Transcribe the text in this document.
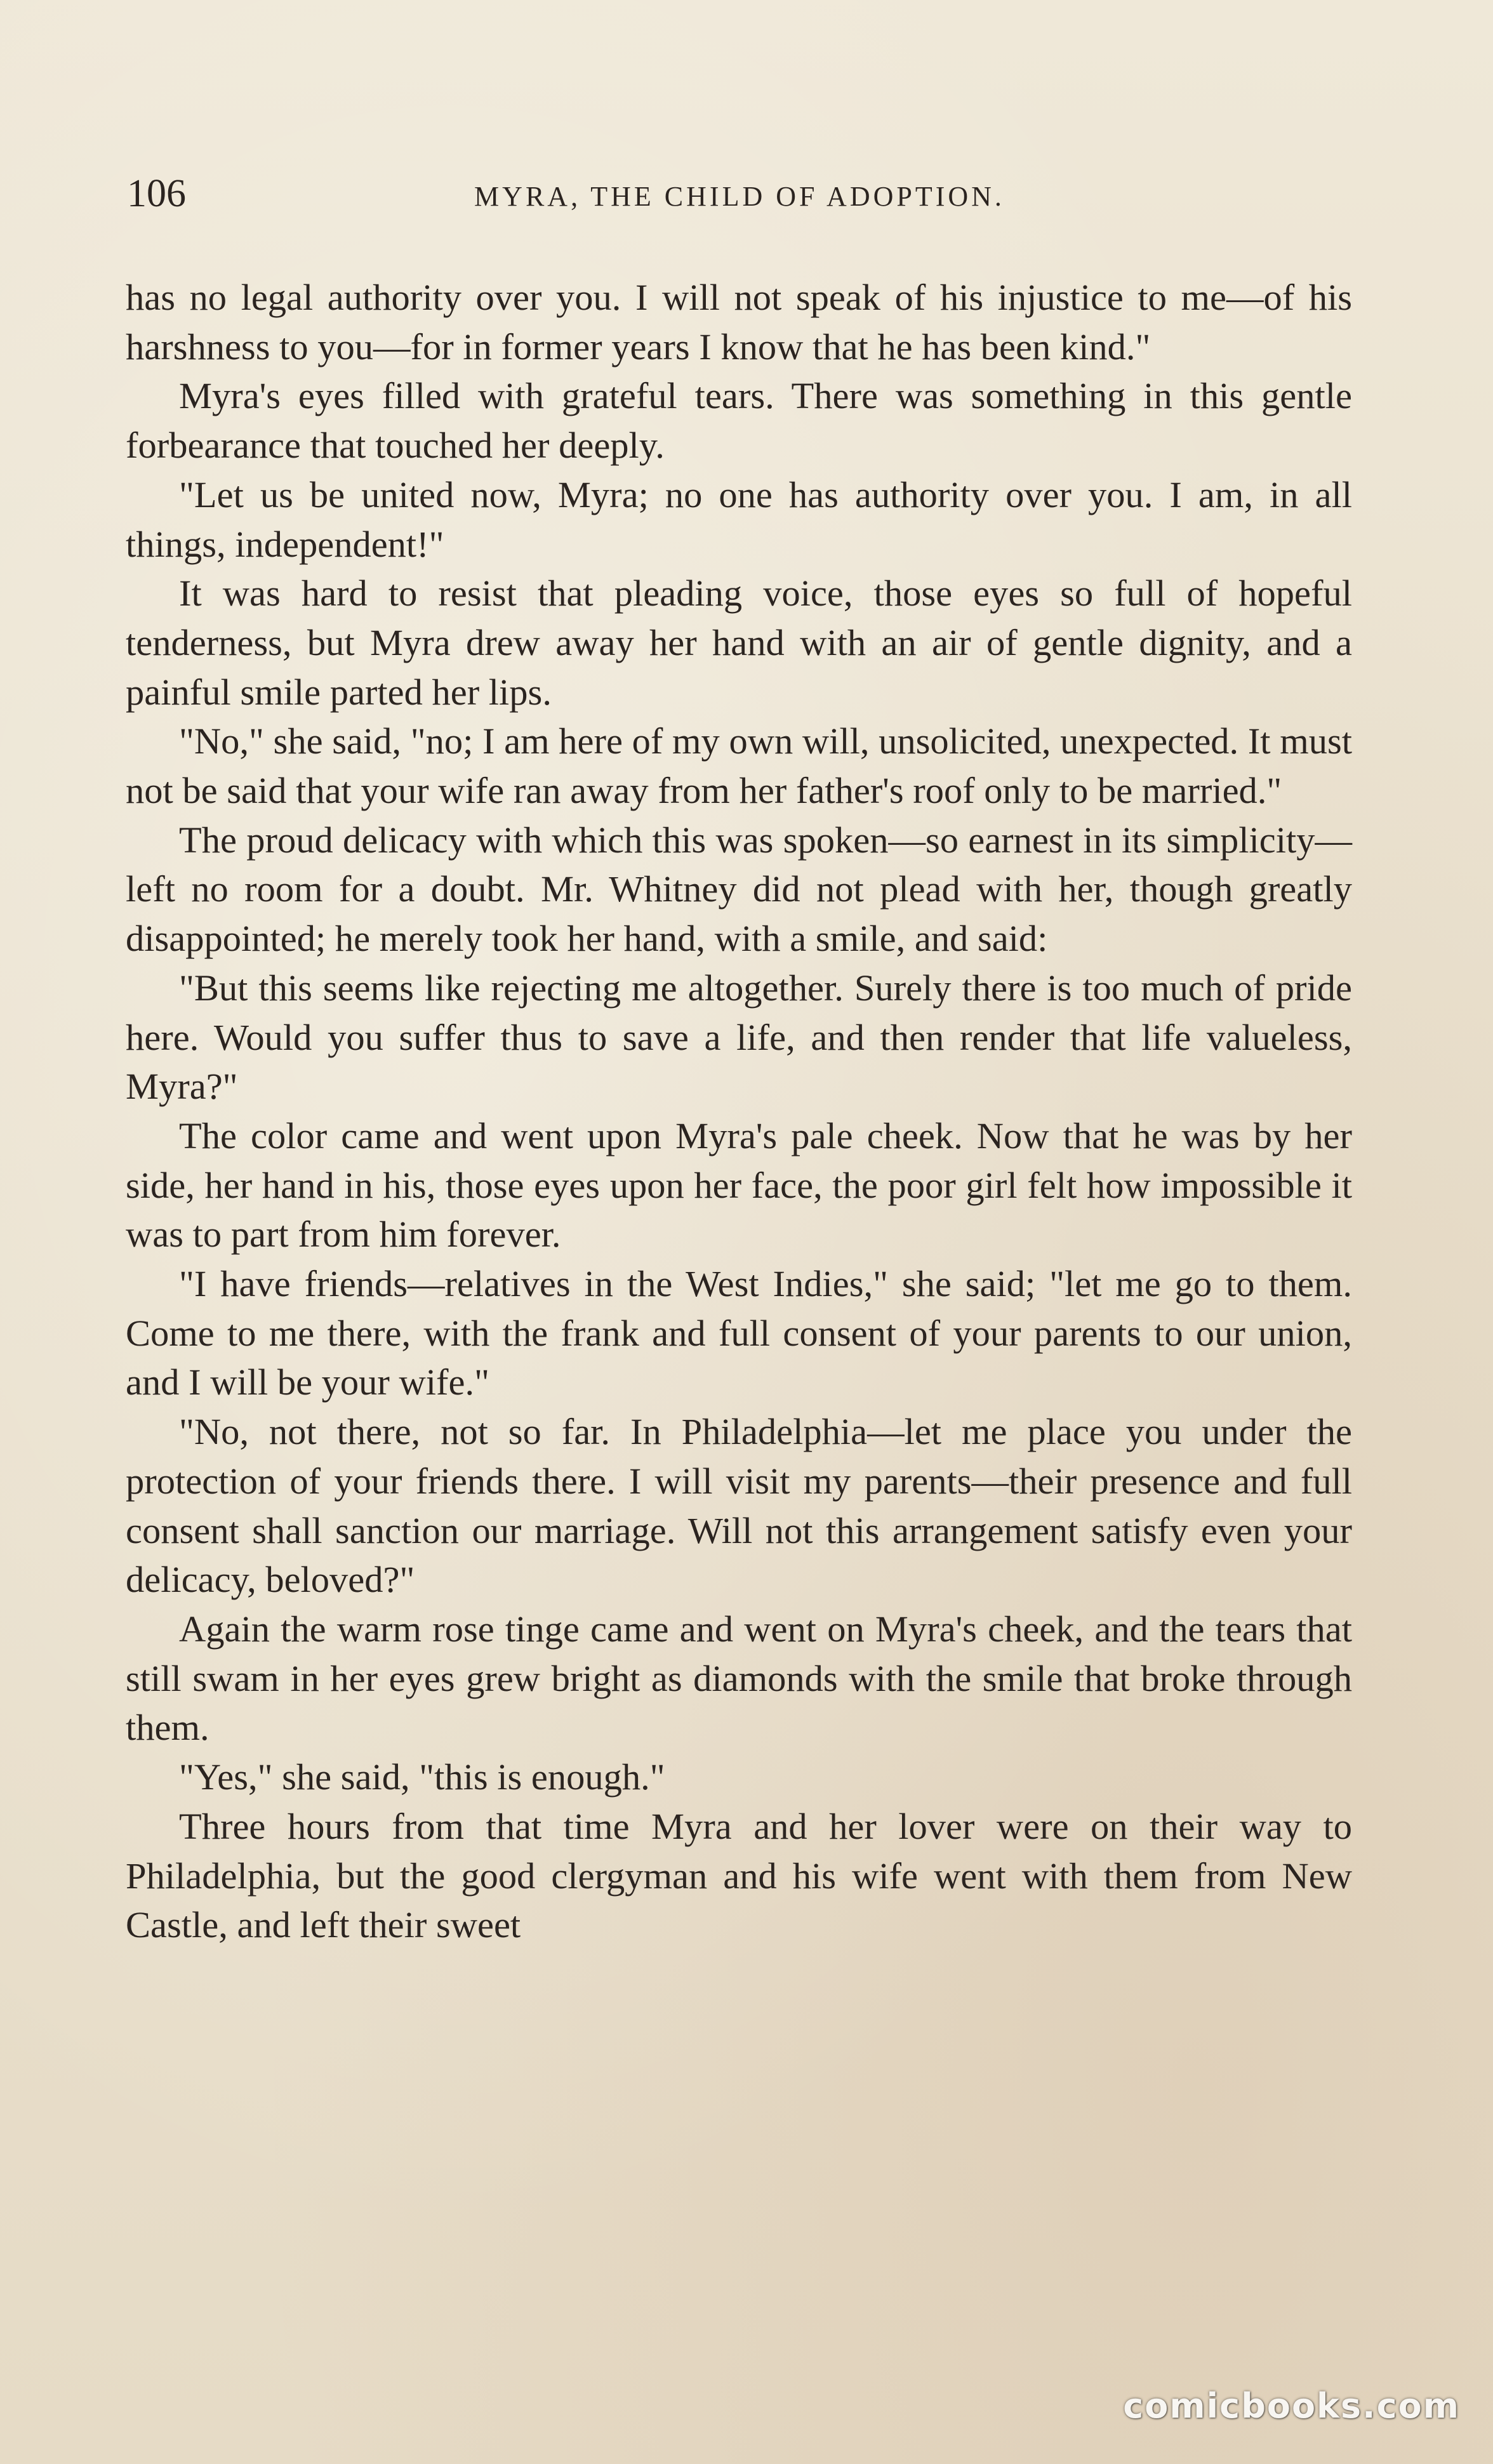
106	MYRA, THE CHILD OF ADOPTION.

has no legal authority over you. I will not speak of his injustice to me—of his harshness to you—for in former years I know that he has been kind."

Myra's eyes filled with grateful tears. There was something in this gentle forbearance that touched her deeply.

"Let us be united now, Myra; no one has authority over you. I am, in all things, independent!"

It was hard to resist that pleading voice, those eyes so full of hopeful tenderness, but Myra drew away her hand with an air of gentle dignity, and a painful smile parted her lips.

"No," she said, "no; I am here of my own will, unsolicited, unexpected. It must not be said that your wife ran away from her father's roof only to be married."

The proud delicacy with which this was spoken—so earnest in its simplicity—left no room for a doubt. Mr. Whitney did not plead with her, though greatly disappointed; he merely took her hand, with a smile, and said:

"But this seems like rejecting me altogether. Surely there is too much of pride here. Would you suffer thus to save a life, and then render that life valueless, Myra?"

The color came and went upon Myra's pale cheek. Now that he was by her side, her hand in his, those eyes upon her face, the poor girl felt how impossible it was to part from him forever.

"I have friends—relatives in the West Indies," she said; "let me go to them. Come to me there, with the frank and full consent of your parents to our union, and I will be your wife."

"No, not there, not so far. In Philadelphia—let me place you under the protection of your friends there. I will visit my parents—their presence and full consent shall sanction our marriage. Will not this arrangement satisfy even your delicacy, beloved?"

Again the warm rose tinge came and went on Myra's cheek, and the tears that still swam in her eyes grew bright as diamonds with the smile that broke through them.

"Yes," she said, "this is enough."

Three hours from that time Myra and her lover were on their way to Philadelphia, but the good clergyman and his wife went with them from New Castle, and left their sweet

comicbooks.com
